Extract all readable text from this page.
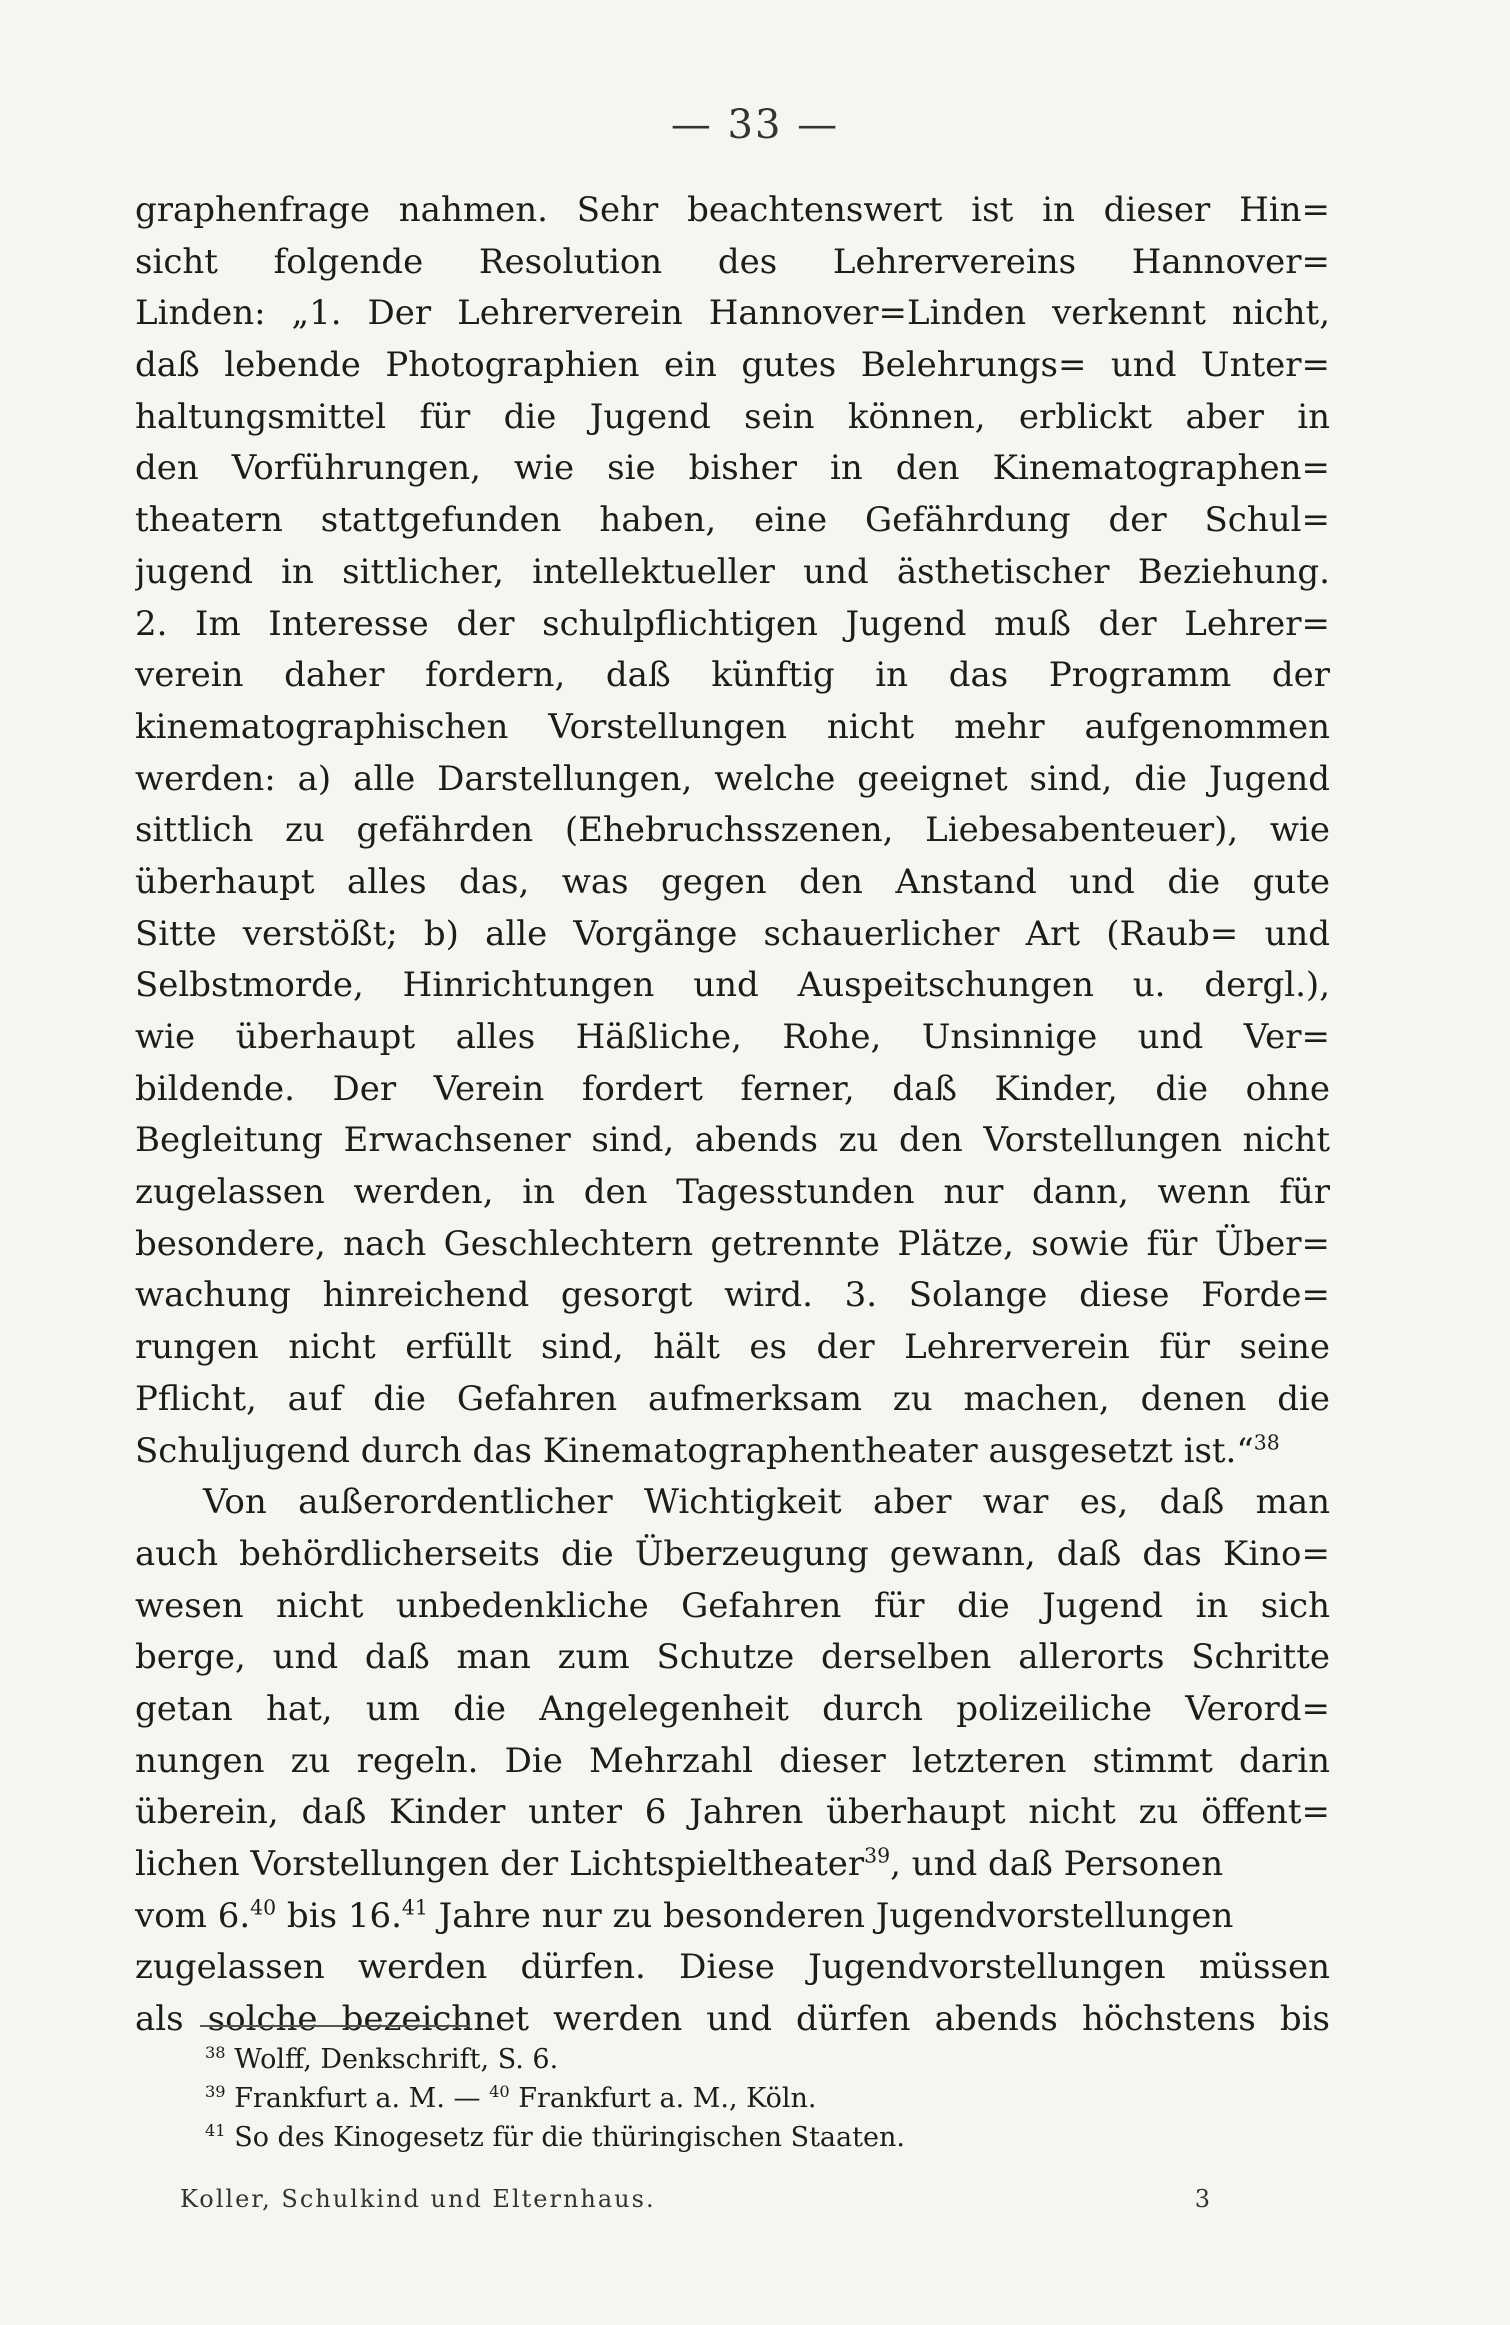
— 33 —
graphenfrage nahmen. Sehr beachtenswert ist in dieser Hin=
sicht folgende Resolution des Lehrervereins Hannover=
Linden: „1. Der Lehrerverein Hannover=Linden verkennt nicht,
daß lebende Photographien ein gutes Belehrungs= und Unter=
haltungsmittel für die Jugend sein können, erblickt aber in
den Vorführungen, wie sie bisher in den Kinematographen=
theatern stattgefunden haben, eine Gefährdung der Schul=
jugend in sittlicher, intellektueller und ästhetischer Beziehung.
2. Im Interesse der schulpflichtigen Jugend muß der Lehrer=
verein daher fordern, daß künftig in das Programm der
kinematographischen Vorstellungen nicht mehr aufgenommen
werden: a) alle Darstellungen, welche geeignet sind, die Jugend
sittlich zu gefährden (Ehebruchsszenen, Liebesabenteuer), wie
überhaupt alles das, was gegen den Anstand und die gute
Sitte verstößt; b) alle Vorgänge schauerlicher Art (Raub= und
Selbstmorde, Hinrichtungen und Auspeitschungen u. dergl.),
wie überhaupt alles Häßliche, Rohe, Unsinnige und Ver=
bildende. Der Verein fordert ferner, daß Kinder, die ohne
Begleitung Erwachsener sind, abends zu den Vorstellungen nicht
zugelassen werden, in den Tagesstunden nur dann, wenn für
besondere, nach Geschlechtern getrennte Plätze, sowie für Über=
wachung hinreichend gesorgt wird. 3. Solange diese Forde=
rungen nicht erfüllt sind, hält es der Lehrerverein für seine
Pflicht, auf die Gefahren aufmerksam zu machen, denen die
Schuljugend durch das Kinematographentheater ausgesetzt ist.“$^{38}$
Von außerordentlicher Wichtigkeit aber war es, daß man
auch behördlicherseits die Überzeugung gewann, daß das Kino=
wesen nicht unbedenkliche Gefahren für die Jugend in sich
berge, und daß man zum Schutze derselben allerorts Schritte
getan hat, um die Angelegenheit durch polizeiliche Verord=
nungen zu regeln. Die Mehrzahl dieser letzteren stimmt darin
überein, daß Kinder unter 6 Jahren überhaupt nicht zu öffent=
lichen Vorstellungen der Lichtspieltheater$^{39}$, und daß Personen
vom 6.40 bis 16.41 Jahre nur zu besonderen Jugendvorstellungen
zugelassen werden dürfen. Diese Jugendvorstellungen müssen
als solche bezeichnet werden und dürfen abends höchstens bis
$^{38}$ Wolff, Denkschrift, S. 6.
$^{39}$ Frankfurt a. M. — $^{40}$ Frankfurt a. M., Köln.
$^{41}$ So des Kinogesetz für die thüringischen Staaten.
Koller, Schulkind und Elternhaus.	3
